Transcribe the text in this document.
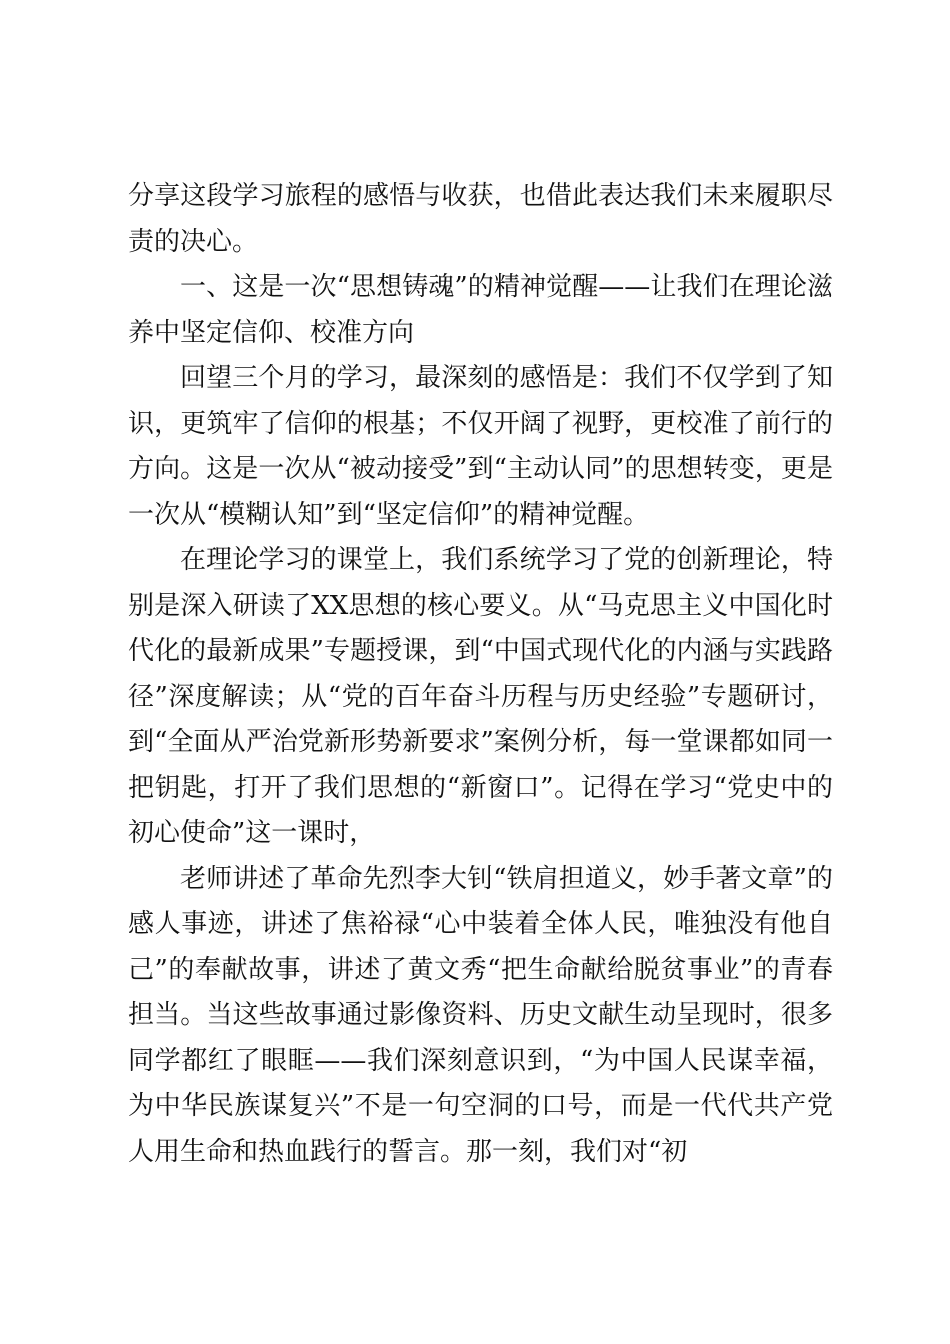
分享这段学习旅程的感悟与收获，也借此表达我们未来履职尽责的决心。

一、这是一次“思想铸魂”的精神觉醒——让我们在理论滋养中坚定信仰、校准方向

回望三个月的学习，最深刻的感悟是：我们不仅学到了知识，更筑牢了信仰的根基；不仅开阔了视野，更校准了前行的方向。这是一次从“被动接受”到“主动认同”的思想转变，更是一次从“模糊认知”到“坚定信仰”的精神觉醒。

在理论学习的课堂上，我们系统学习了党的创新理论，特别是深入研读了XX思想的核心要义。从“马克思主义中国化时代化的最新成果”专题授课，到“中国式现代化的内涵与实践路径”深度解读；从“党的百年奋斗历程与历史经验”专题研讨，到“全面从严治党新形势新要求”案例分析，每一堂课都如同一把钥匙，打开了我们思想的“新窗口”。记得在学习“党史中的初心使命”这一课时，

老师讲述了革命先烈李大钊“铁肩担道义，妙手著文章”的感人事迹，讲述了焦裕禄“心中装着全体人民，唯独没有他自己”的奉献故事，讲述了黄文秀“把生命献给脱贫事业”的青春担当。当这些故事通过影像资料、历史文献生动呈现时，很多同学都红了眼眶——我们深刻意识到，“为中国人民谋幸福，为中华民族谋复兴”不是一句空洞的口号，而是一代代共产党人用生命和热血践行的誓言。那一刻，我们对“初
